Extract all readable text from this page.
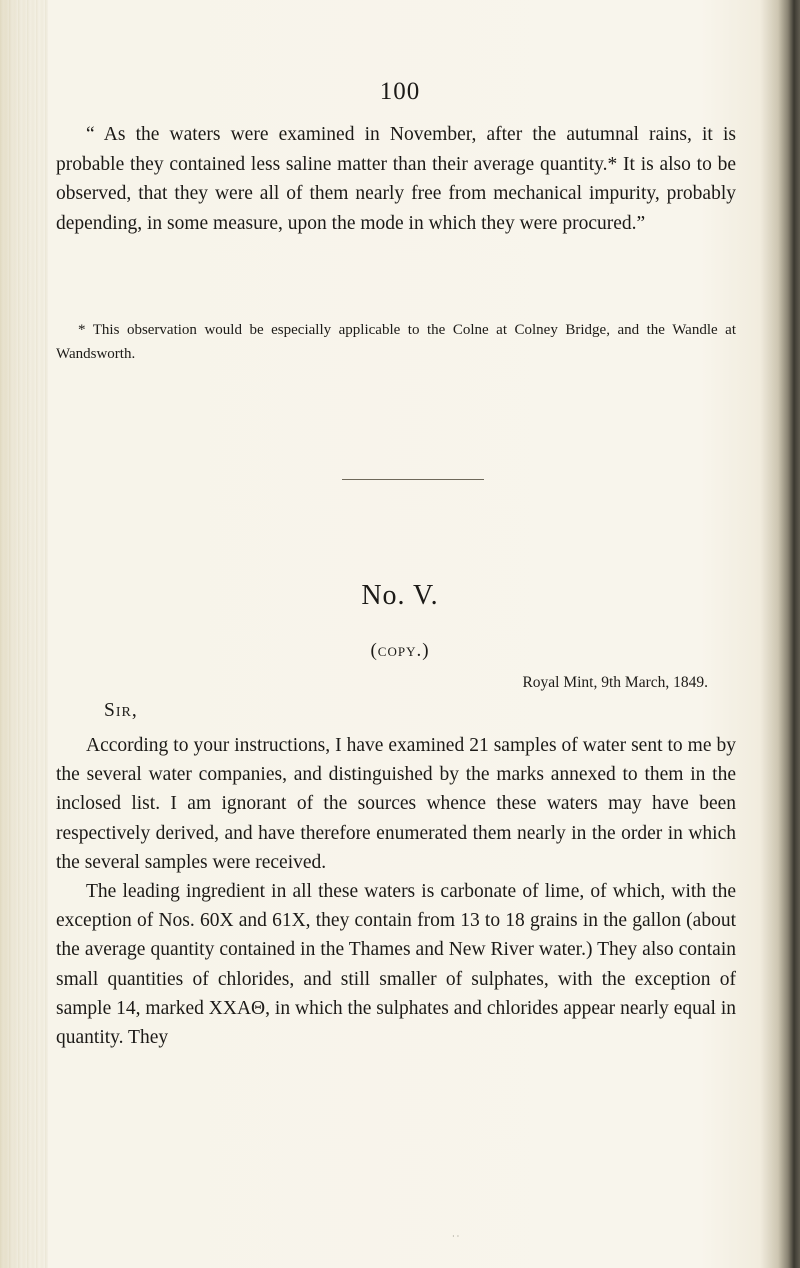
100
“ As the waters were examined in November, after the autumnal rains, it is probable they contained less saline matter than their average quantity.* It is also to be observed, that they were all of them nearly free from mechanical impurity, probably depending, in some measure, upon the mode in which they were procured.”
* This observation would be especially applicable to the Colne at Colney Bridge, and the Wandle at Wandsworth.
No. V.
(copy.)
Royal Mint, 9th March, 1849.
Sir,

According to your instructions, I have examined 21 samples of water sent to me by the several water companies, and distinguished by the marks annexed to them in the inclosed list. I am ignorant of the sources whence these waters may have been respectively derived, and have therefore enumerated them nearly in the order in which the several samples were received.

The leading ingredient in all these waters is carbonate of lime, of which, with the exception of Nos. 60X and 61X, they contain from 13 to 18 grains in the gallon (about the average quantity contained in the Thames and New River water.) They also contain small quantities of chlorides, and still smaller of sulphates, with the exception of sample 14, marked XXAΘ, in which the sulphates and chlorides appear nearly equal in quantity. They

· ·
